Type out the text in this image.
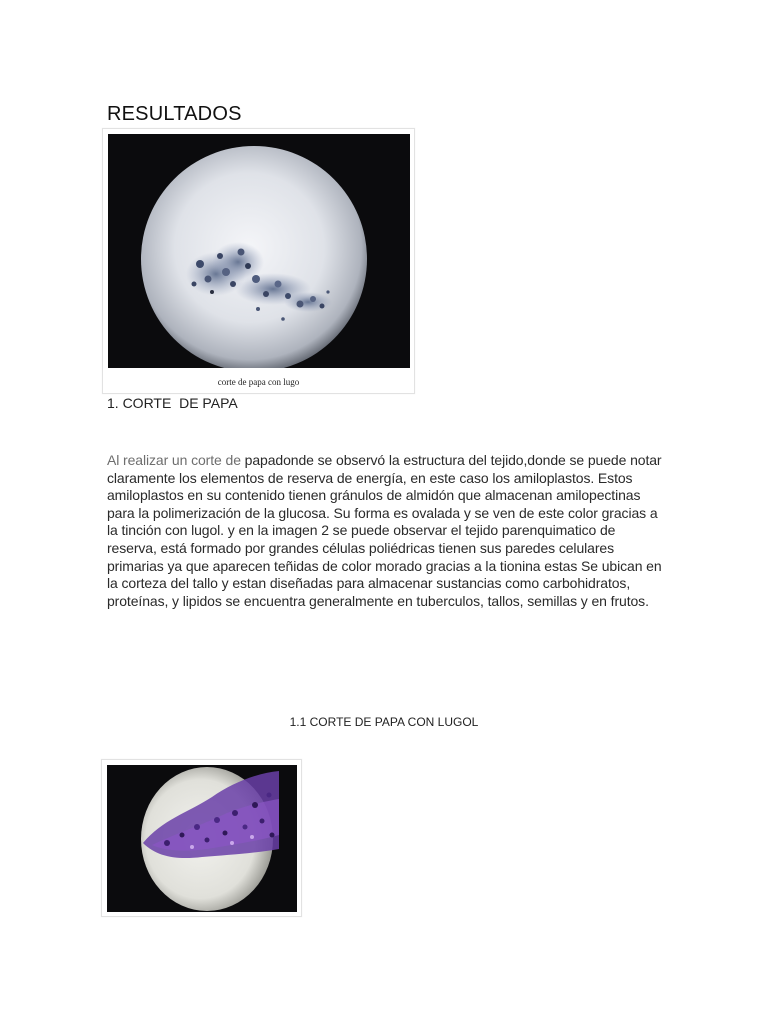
RESULTADOS
corte de papa con lugo
1. CORTE  DE PAPA
Al realizar un corte de papadonde se observó la estructura del tejido,donde se puede notar claramente los elementos de reserva de energía, en este caso los amiloplastos. Estos amiloplastos en su contenido tienen gránulos de almidón que almacenan amilopectinas para la polimerización de la glucosa. Su forma es ovalada y se ven de este color gracias a la tinción con lugol. y en la imagen 2 se puede observar el tejido parenquimatico de reserva, está formado por grandes células poliédricas tienen sus paredes celulares primarias ya que aparecen teñidas de color morado gracias a la tionina estas Se ubican en la corteza del tallo y estan diseñadas para almacenar sustancias como carbohidratos, proteínas, y lipidos se encuentra generalmente en tuberculos, tallos, semillas y en frutos.
1.1 CORTE DE PAPA CON LUGOL
